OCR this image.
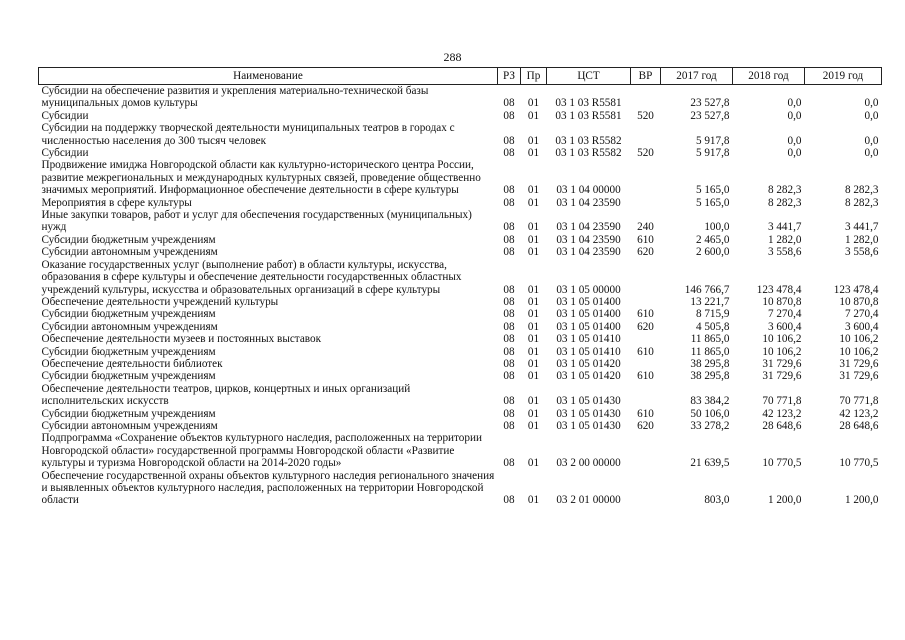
288
Наименование	РЗ	Пр	ЦСТ	ВР	2017 год	2018 год	2019 год
Субсидии на обеспечение развития и укрепления материально-технической базы муниципальных домов культуры	08	01	03 1 03 R5581		23 527,8	0,0	0,0
Субсидии	08	01	03 1 03 R5581	520	23 527,8	0,0	0,0
Субсидии на поддержку творческой деятельности муниципальных театров в городах с численностью населения до 300 тысяч человек	08	01	03 1 03 R5582		5 917,8	0,0	0,0
Субсидии	08	01	03 1 03 R5582	520	5 917,8	0,0	0,0
Продвижение имиджа Новгородской области как культурно-исторического центра России, развитие межрегиональных и международных культурных связей, проведение общественно значимых мероприятий. Информационное обеспечение деятельности в сфере культуры	08	01	03 1 04 00000		5 165,0	8 282,3	8 282,3
Мероприятия в сфере культуры	08	01	03 1 04 23590		5 165,0	8 282,3	8 282,3
Иные закупки товаров, работ и услуг для обеспечения государственных (муниципальных) нужд	08	01	03 1 04 23590	240	100,0	3 441,7	3 441,7
Субсидии бюджетным учреждениям	08	01	03 1 04 23590	610	2 465,0	1 282,0	1 282,0
Субсидии автономным учреждениям	08	01	03 1 04 23590	620	2 600,0	3 558,6	3 558,6
Оказание государственных услуг (выполнение работ) в области культуры, искусства, образования в сфере культуры и обеспечение деятельности государственных областных учреждений культуры, искусства и образовательных организаций в сфере культуры	08	01	03 1 05 00000		146 766,7	123 478,4	123 478,4
Обеспечение деятельности учреждений культуры	08	01	03 1 05 01400		13 221,7	10 870,8	10 870,8
Субсидии бюджетным учреждениям	08	01	03 1 05 01400	610	8 715,9	7 270,4	7 270,4
Субсидии автономным учреждениям	08	01	03 1 05 01400	620	4 505,8	3 600,4	3 600,4
Обеспечение деятельности музеев и постоянных выставок	08	01	03 1 05 01410		11 865,0	10 106,2	10 106,2
Субсидии бюджетным учреждениям	08	01	03 1 05 01410	610	11 865,0	10 106,2	10 106,2
Обеспечение деятельности библиотек	08	01	03 1 05 01420		38 295,8	31 729,6	31 729,6
Субсидии бюджетным учреждениям	08	01	03 1 05 01420	610	38 295,8	31 729,6	31 729,6
Обеспечение деятельности театров, цирков, концертных и иных организаций исполнительских искусств	08	01	03 1 05 01430		83 384,2	70 771,8	70 771,8
Субсидии бюджетным учреждениям	08	01	03 1 05 01430	610	50 106,0	42 123,2	42 123,2
Субсидии автономным учреждениям	08	01	03 1 05 01430	620	33 278,2	28 648,6	28 648,6
Подпрограмма «Сохранение объектов культурного наследия, расположенных на территории Новгородской области» государственной программы Новгородской области «Развитие культуры и туризма Новгородской области на 2014-2020 годы»	08	01	03 2 00 00000		21 639,5	10 770,5	10 770,5
Обеспечение государственной охраны объектов культурного наследия регионального значения и выявленных объектов культурного наследия, расположенных на территории Новгородской области	08	01	03 2 01 00000		803,0	1 200,0	1 200,0
